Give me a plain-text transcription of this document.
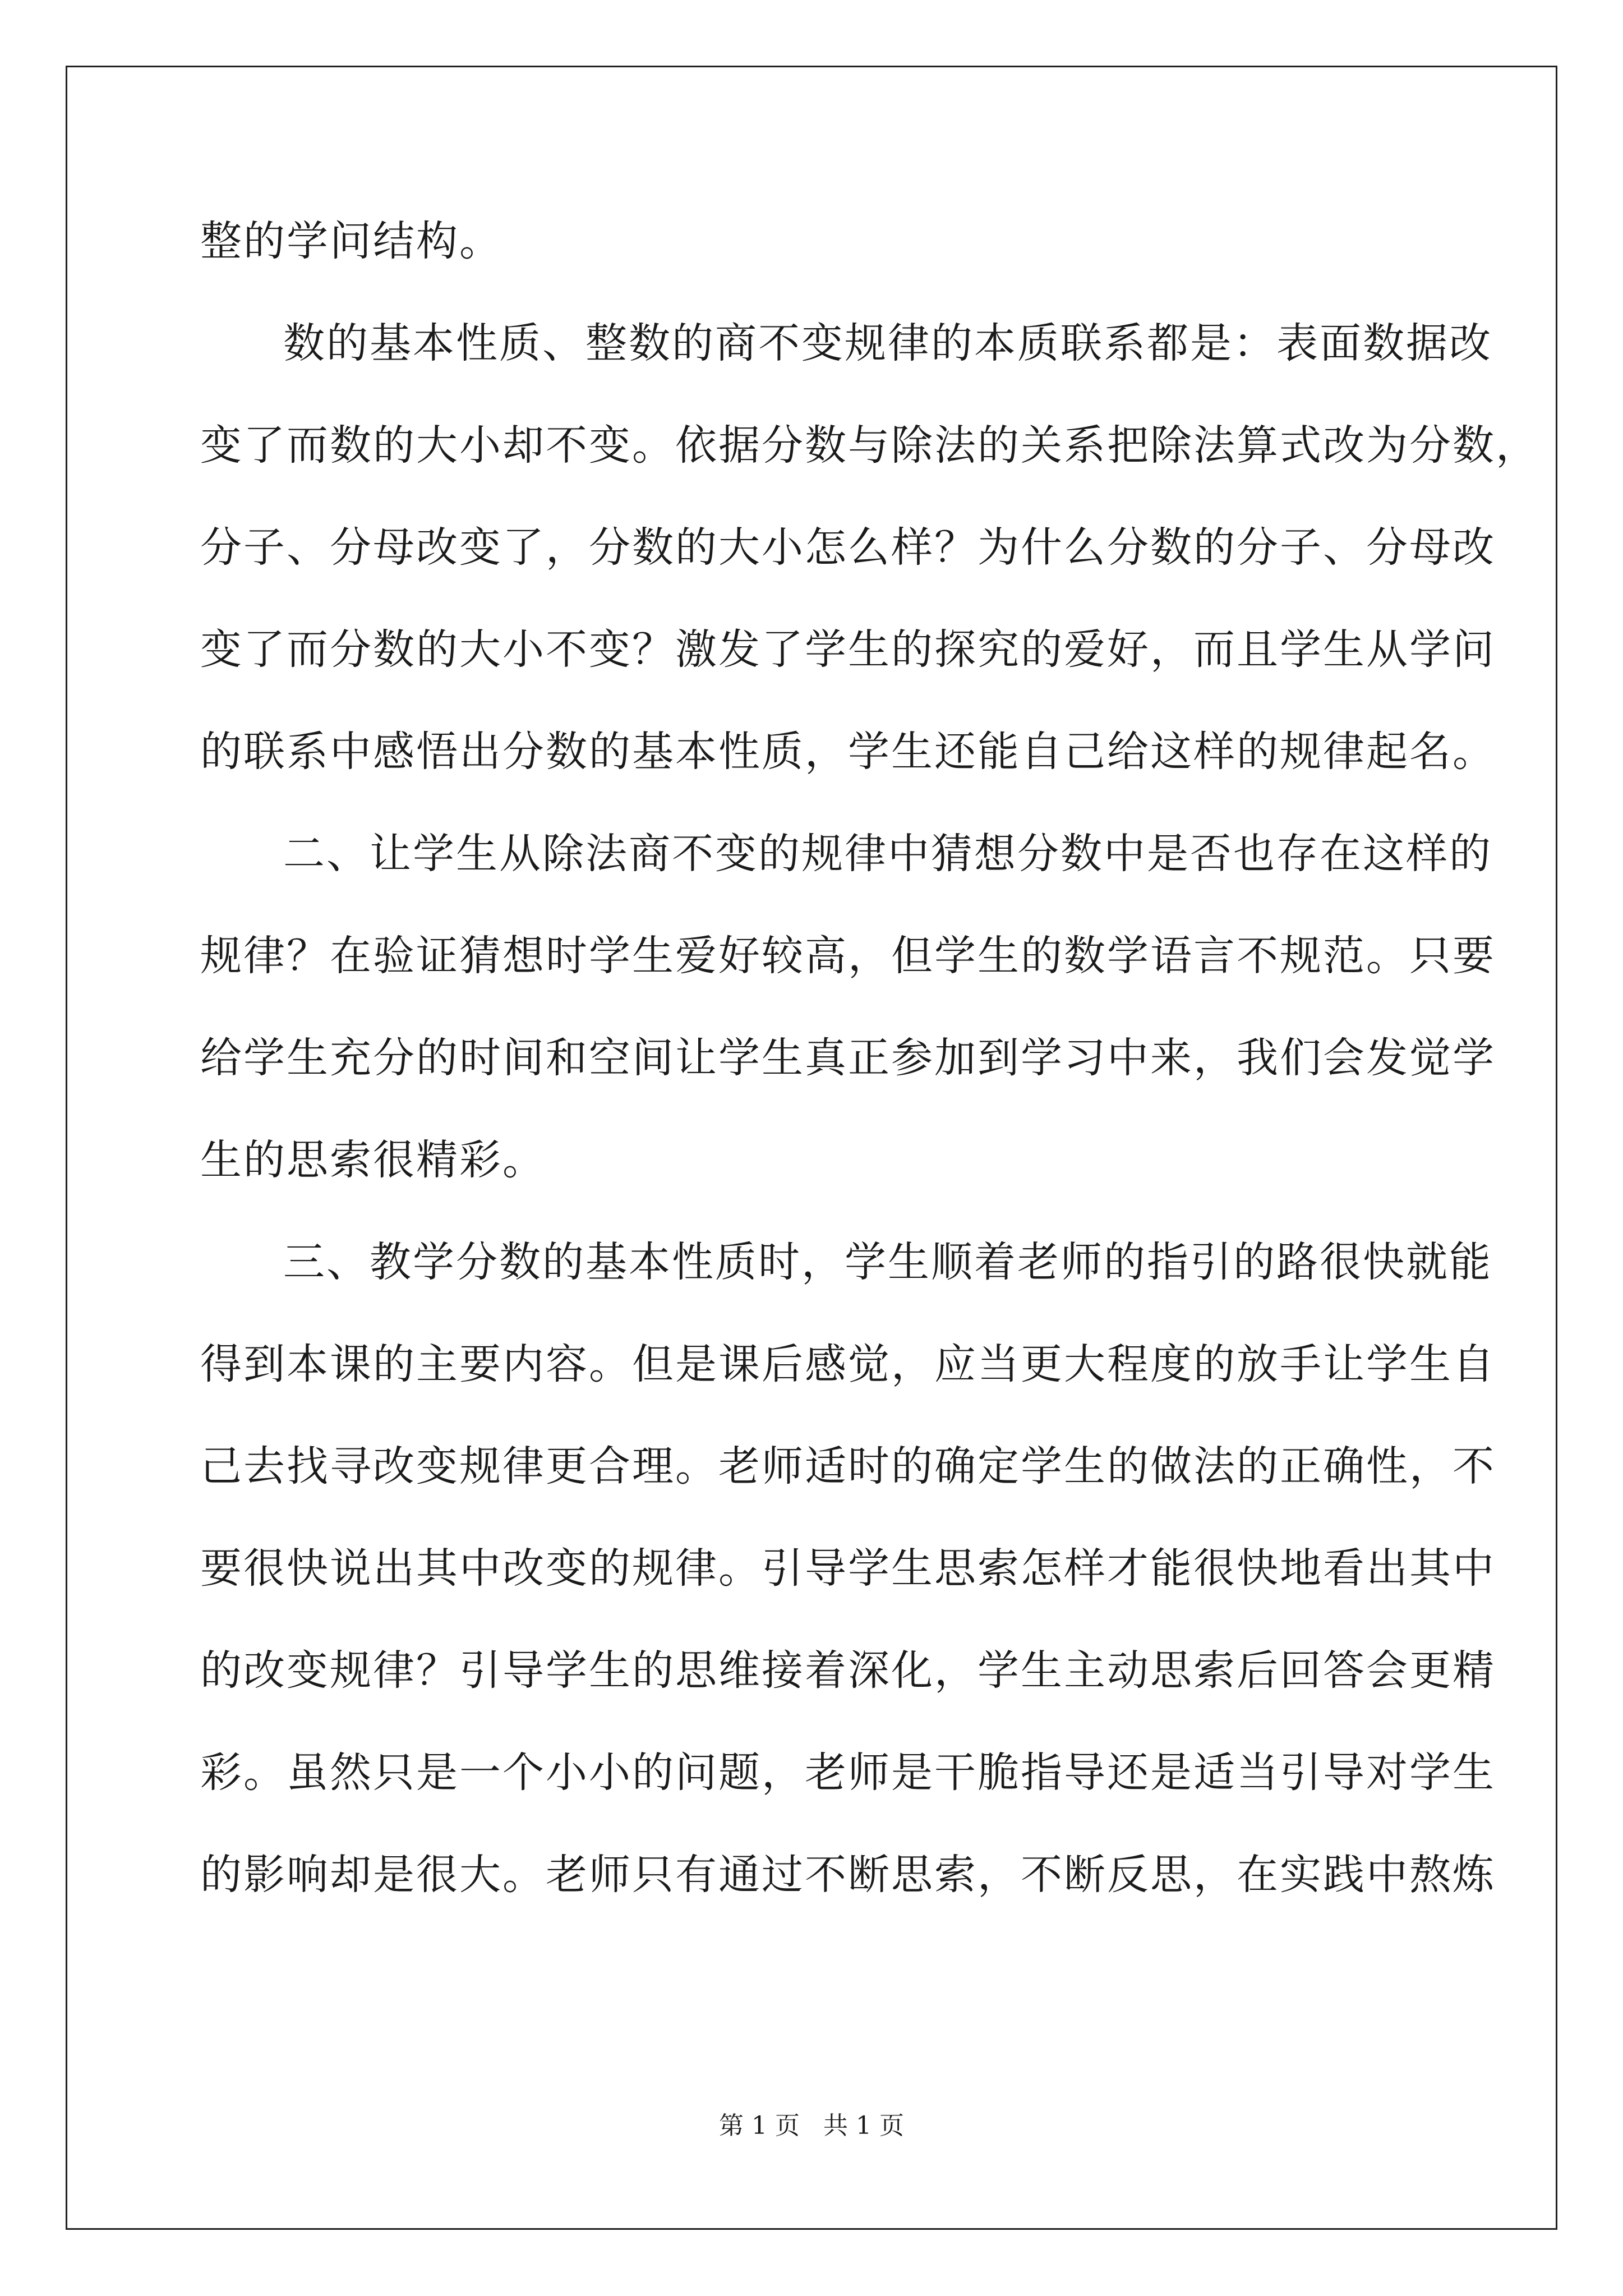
整的学问结构。
数的基本性质、整数的商不变规律的本质联系都是：表面数据改
变了而数的大小却不变。依据分数与除法的关系把除法算式改为分数，
分子、分母改变了，分数的大小怎么样？为什么分数的分子、分母改
变了而分数的大小不变？激发了学生的探究的爱好，而且学生从学问
的联系中感悟出分数的基本性质，学生还能自己给这样的规律起名。
二、让学生从除法商不变的规律中猜想分数中是否也存在这样的
规律？在验证猜想时学生爱好较高，但学生的数学语言不规范。只要
给学生充分的时间和空间让学生真正参加到学习中来，我们会发觉学
生的思索很精彩。
三、教学分数的基本性质时，学生顺着老师的指引的路很快就能
得到本课的主要内容。但是课后感觉，应当更大程度的放手让学生自
己去找寻改变规律更合理。老师适时的确定学生的做法的正确性，不
要很快说出其中改变的规律。引导学生思索怎样才能很快地看出其中
的改变规律？引导学生的思维接着深化，学生主动思索后回答会更精
彩。虽然只是一个小小的问题，老师是干脆指导还是适当引导对学生
的影响却是很大。老师只有通过不断思索，不断反思，在实践中熬炼
第 1 页   共 1 页
